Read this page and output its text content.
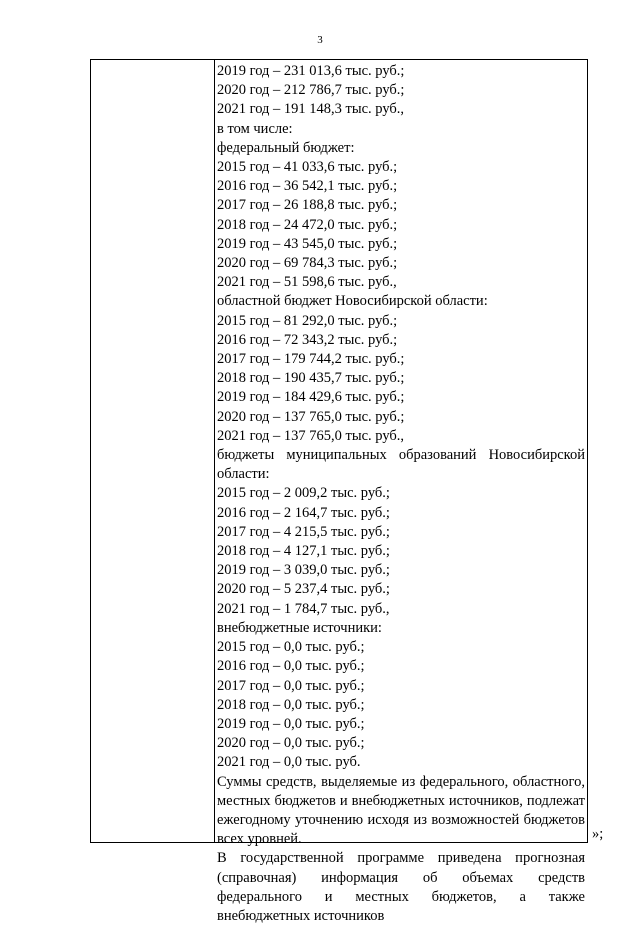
3
2019 год – 231 013,6 тыс. руб.;
2020 год – 212 786,7 тыс. руб.;
2021 год – 191 148,3 тыс. руб.,
в том числе:
федеральный бюджет:
2015 год – 41 033,6 тыс. руб.;
2016 год – 36 542,1 тыс. руб.;
2017 год – 26 188,8 тыс. руб.;
2018 год – 24 472,0 тыс. руб.;
2019 год – 43 545,0 тыс. руб.;
2020 год – 69 784,3 тыс. руб.;
2021 год – 51 598,6 тыс. руб.,
областной бюджет Новосибирской области:
2015 год – 81 292,0 тыс. руб.;
2016 год – 72 343,2 тыс. руб.;
2017 год – 179 744,2 тыс. руб.;
2018 год – 190 435,7 тыс. руб.;
2019 год – 184 429,6 тыс. руб.;
2020 год – 137 765,0 тыс. руб.;
2021 год – 137 765,0 тыс. руб.,
бюджеты муниципальных образований Новосибирской области:
2015 год – 2 009,2 тыс. руб.;
2016 год – 2 164,7 тыс. руб.;
2017 год – 4 215,5 тыс. руб.;
2018 год – 4 127,1 тыс. руб.;
2019 год – 3 039,0 тыс. руб.;
2020 год – 5 237,4 тыс. руб.;
2021 год – 1 784,7 тыс. руб.,
внебюджетные источники:
2015 год – 0,0 тыс. руб.;
2016 год – 0,0 тыс. руб.;
2017 год – 0,0 тыс. руб.;
2018 год – 0,0 тыс. руб.;
2019 год – 0,0 тыс. руб.;
2020 год – 0,0 тыс. руб.;
2021 год – 0,0 тыс. руб.
Суммы средств, выделяемые из федерального, областного, местных бюджетов и внебюджетных источников, подлежат ежегодному уточнению исходя из возможностей бюджетов всех уровней.
В государственной программе приведена прогнозная (справочная) информация об объемах средств федерального и местных бюджетов, а также внебюджетных источников
»;
